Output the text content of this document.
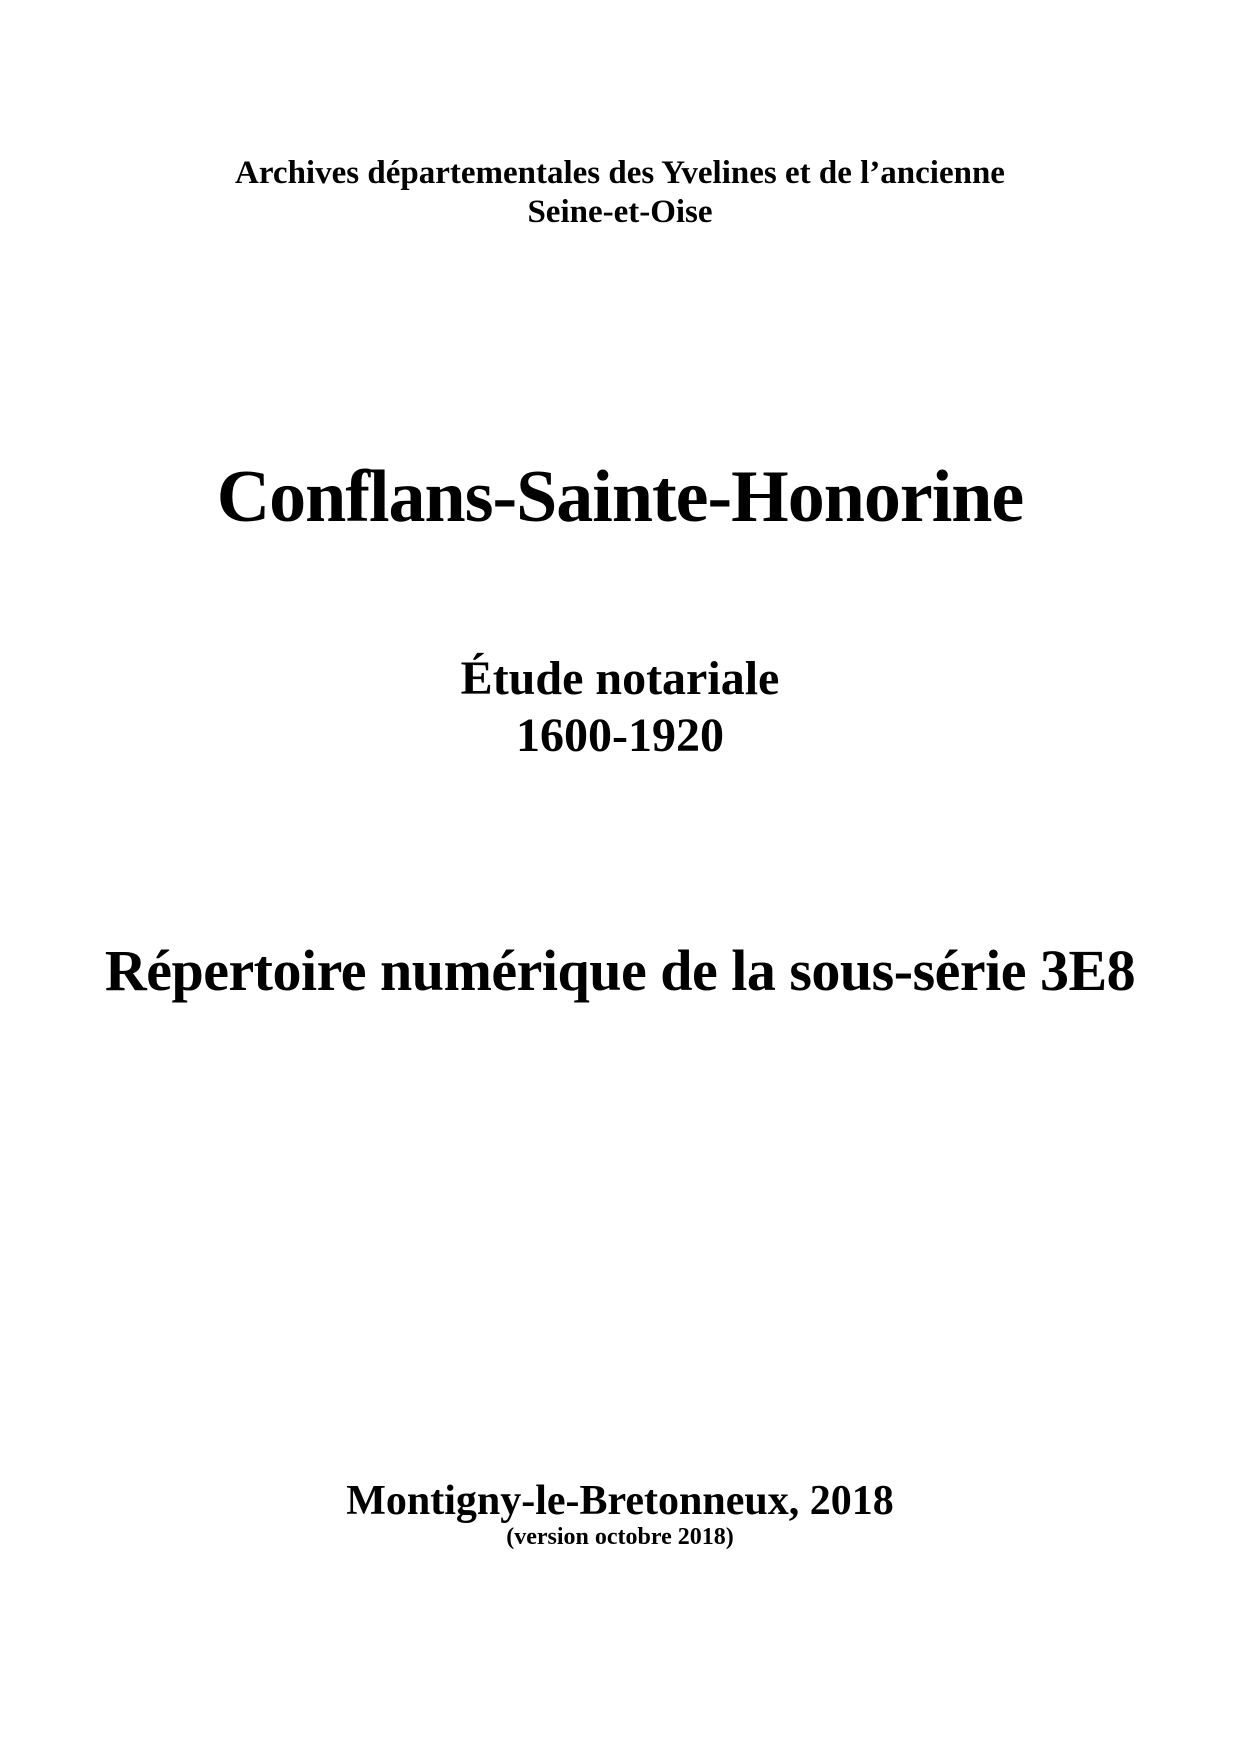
Archives départementales des Yvelines et de l’ancienne
Seine-et-Oise
Conflans-Sainte-Honorine
Étude notariale
1600-1920
Répertoire numérique de la sous-série 3E8
Montigny-le-Bretonneux, 2018
(version octobre 2018)
